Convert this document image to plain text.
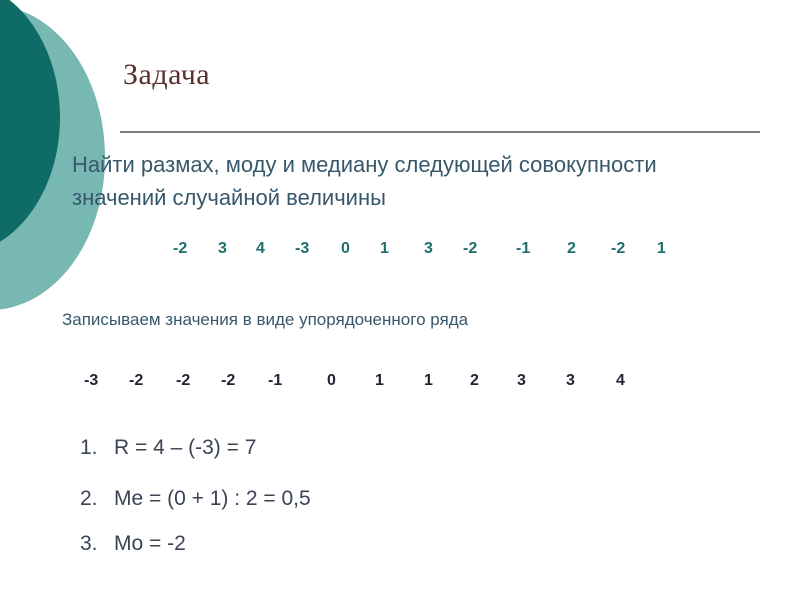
Задача
Найти размах, моду и медиану следующей совокупности
значений случайной величины
-2 3 4 -3 0 1 3 -2 -1 2 -2 1
Записываем значения в виде упорядоченного ряда
-3 -2 -2 -2 -1	0 1	1 2 3	3	4
1. R = 4 – (-3) = 7
2. Me = (0 + 1) : 2 = 0,5
3. Mo = -2
